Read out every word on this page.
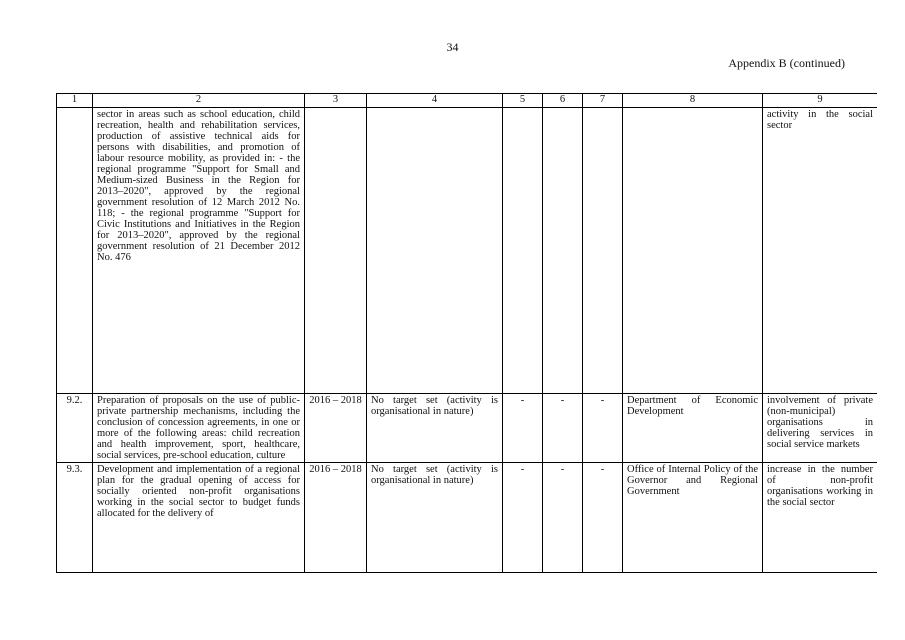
34
Appendix B (continued)
1	2	3	4	5	6	7	8	9

	sector in areas such as school education, child recreation, health and rehabilitation services, production of assistive technical aids for persons with disabilities, and promotion of labour resource mobility, as provided in: - the regional programme "Support for Small and Medium-sized Business in the Region for 2013–2020", approved by the regional government resolution of 12 March 2012 No. 118; - the regional programme "Support for Civic Institutions and Initiatives in the Region for 2013–2020", approved by the regional government resolution of 21 December 2012 No. 476							activity in the social sector
9.2.	Preparation of proposals on the use of public-private partnership mechanisms, including the conclusion of concession agreements, in one or more of the following areas: child recreation and health improvement, sport, healthcare, social services, pre-school education, culture	2016 – 2018	No target set (activity is organisational in nature)	-	-	-	Department of Economic Development	involvement of private (non-municipal) organisations in delivering services in social service markets
9.3.	Development and implementation of a regional plan for the gradual opening of access for socially oriented non-profit organisations working in the social sector to budget funds allocated for the delivery of	2016 – 2018	No target set (activity is organisational in nature)	-	-	-	Office of Internal Policy of the Governor and Regional Government	increase in the number of non-profit organisations working in the social sector
